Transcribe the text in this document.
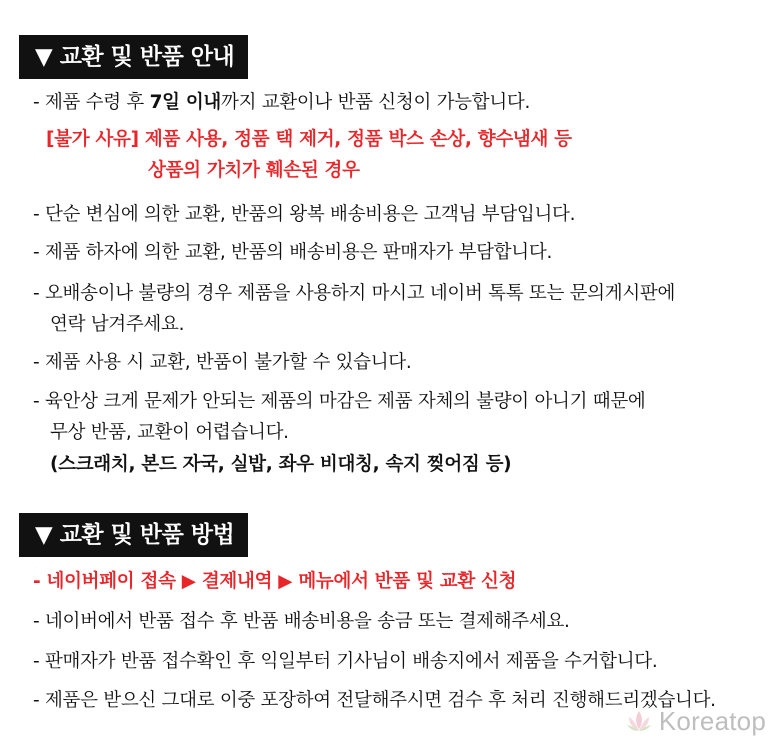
▼ 교환 및 반품 안내
- 제품 수령 후 7일 이내까지 교환이나 반품 신청이 가능합니다.
[불가 사유] 제품 사용, 정품 택 제거, 정품 박스 손상, 향수냄새 등
상품의 가치가 훼손된 경우
- 단순 변심에 의한 교환, 반품의 왕복 배송비용은 고객님 부담입니다.
- 제품 하자에 의한 교환, 반품의 배송비용은 판매자가 부담합니다.
- 오배송이나 불량의 경우 제품을 사용하지 마시고 네이버 톡톡 또는 문의게시판에
연락 남겨주세요.
- 제품 사용 시 교환, 반품이 불가할 수 있습니다.
- 육안상 크게 문제가 안되는 제품의 마감은 제품 자체의 불량이 아니기 때문에
무상 반품, 교환이 어렵습니다.
(스크래치, 본드 자국, 실밥, 좌우 비대칭, 속지 찢어짐 등)
▼ 교환 및 반품 방법
- 네이버페이 접속 ▶ 결제내역 ▶ 메뉴에서 반품 및 교환 신청
- 네이버에서 반품 접수 후 반품 배송비용을 송금 또는 결제해주세요.
- 판매자가 반품 접수확인 후 익일부터 기사님이 배송지에서 제품을 수거합니다.
- 제품은 받으신 그대로 이중 포장하여 전달해주시면 검수 후 처리 진행해드리겠습니다.
Koreatop
